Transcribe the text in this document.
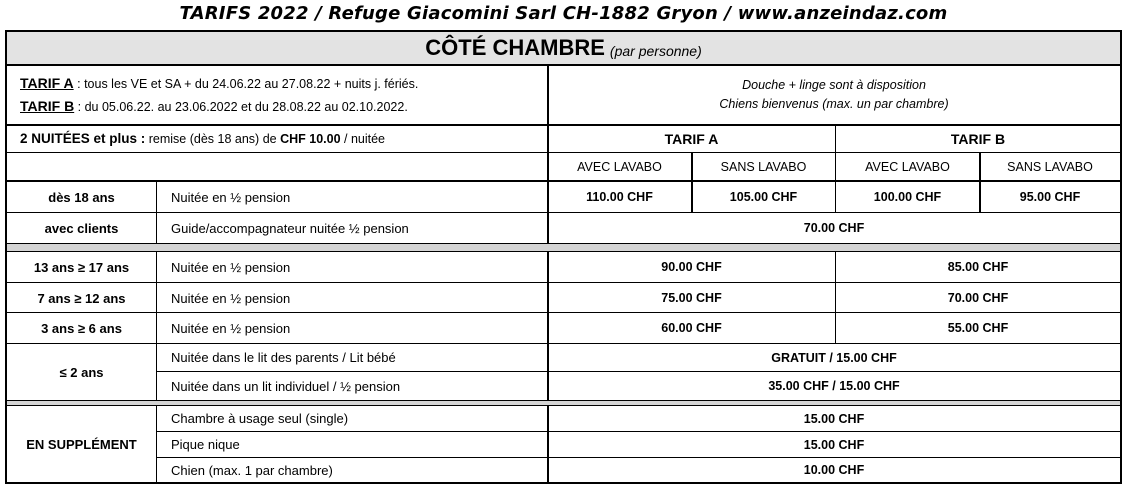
TARIFS 2022 / Refuge Giacomini Sarl CH-1882 Gryon / www.anzeindaz.com
CÔTÉ CHAMBRE (par personne)
TARIF A : tous les VE et SA + du 24.06.22 au 27.08.22 + nuits j. fériés.
TARIF B : du 05.06.22. au 23.06.2022 et du 28.08.22 au 02.10.2022.
Douche + linge sont à disposition
Chiens bienvenus (max. un par chambre)
2 NUITÉES et plus : remise (dès 18 ans) de CHF 10.00 / nuitée	TARIF A	TARIF B
AVEC LAVABO	SANS LAVABO	AVEC LAVABO	SANS LAVABO
dès 18 ans	Nuitée en ½ pension	110.00 CHF	105.00 CHF	100.00 CHF	95.00 CHF
avec clients	Guide/accompagnateur nuitée ½ pension	70.00 CHF
13 ans ≥ 17 ans	Nuitée en ½ pension	90.00 CHF	85.00 CHF
7 ans ≥ 12 ans	Nuitée en ½ pension	75.00 CHF	70.00 CHF
3 ans ≥ 6 ans	Nuitée en ½ pension	60.00 CHF	55.00 CHF
≤ 2 ans
Nuitée dans le lit des parents / Lit bébé	GRATUIT / 15.00 CHF
Nuitée dans un lit individuel / ½ pension	35.00 CHF / 15.00 CHF
EN SUPPLÉMENT
Chambre à usage seul (single)	15.00 CHF
Pique nique	15.00 CHF
Chien (max. 1 par chambre)	10.00 CHF
